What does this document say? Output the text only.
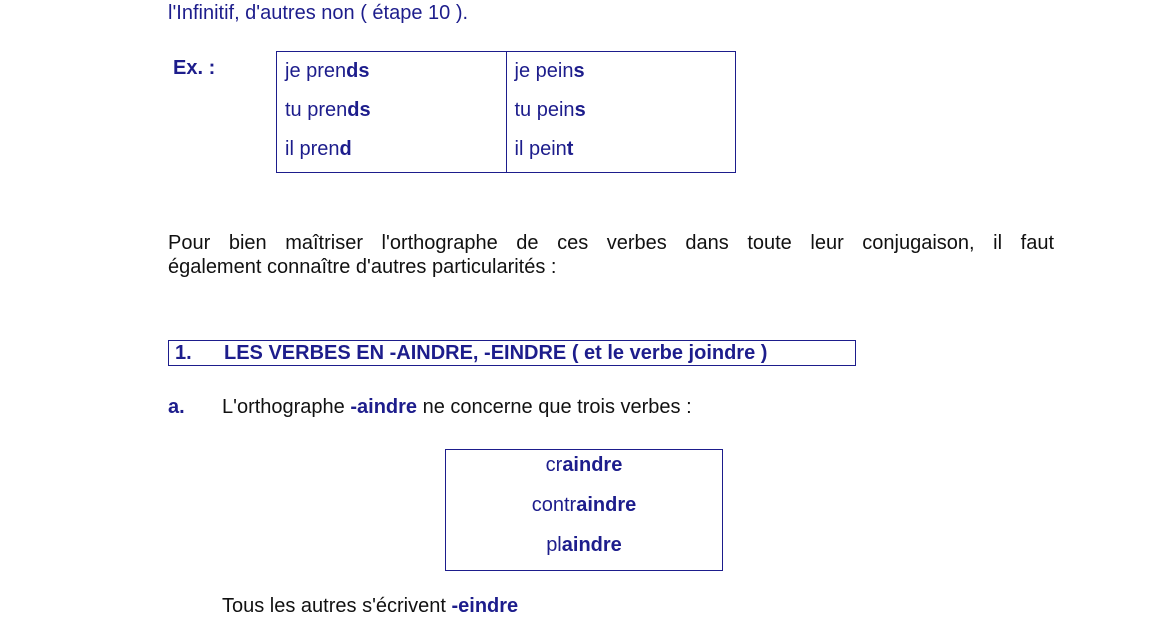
l'Infinitif, d'autres non ( étape 10 ).
Ex. :	je prends
tu prends
il prend
je peins
tu peins
il peint
Pour bien maîtriser l'orthographe de ces verbes dans toute leur conjugaison, il faut
également connaître d'autres particularités :
1. LES VERBES EN -AINDRE, -EINDRE ( et le verbe joindre )
a. L'orthographe -aindre ne concerne que trois verbes :
craindre
contraindre
plaindre
Tous les autres s'écrivent -eindre
